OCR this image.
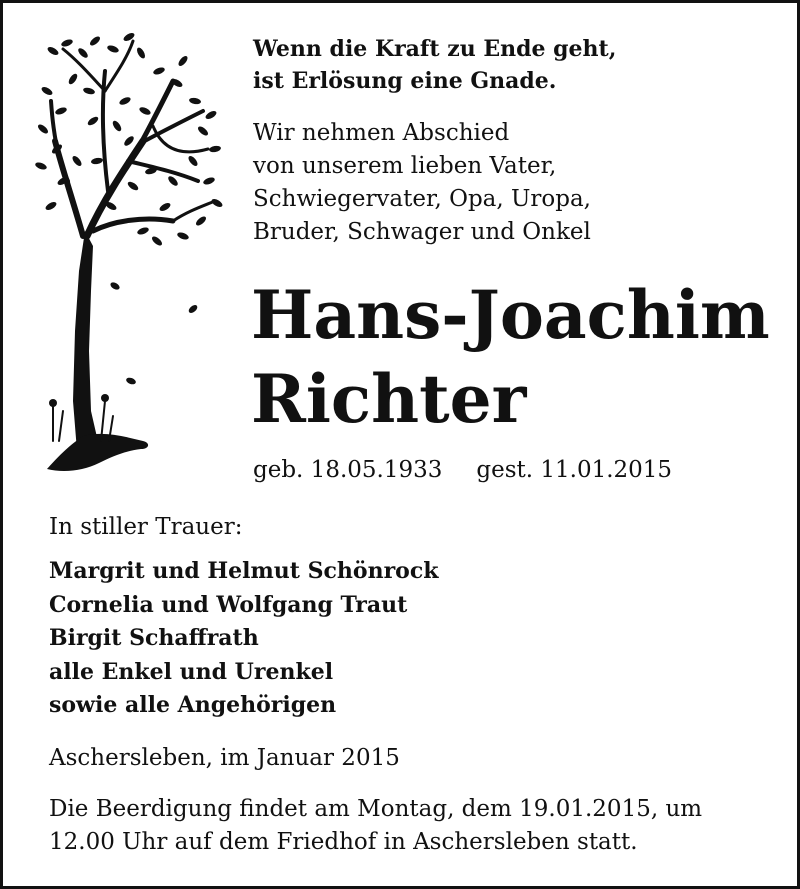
Wenn die Kraft zu Ende geht,
ist Erlösung eine Gnade.
Wir nehmen Abschied
von unserem lieben Vater,
Schwiegervater, Opa, Uropa,
Bruder, Schwager und Onkel
Hans-Joachim
Richter
geb. 18.05.1933 gest. 11.01.2015
In stiller Trauer:
Margrit und Helmut Schönrock
Cornelia und Wolfgang Traut
Birgit Schaffrath
alle Enkel und Urenkel
sowie alle Angehörigen
Aschersleben, im Januar 2015
Die Beerdigung findet am Montag, dem 19.01.2015, um
12.00 Uhr auf dem Friedhof in Aschersleben statt.
